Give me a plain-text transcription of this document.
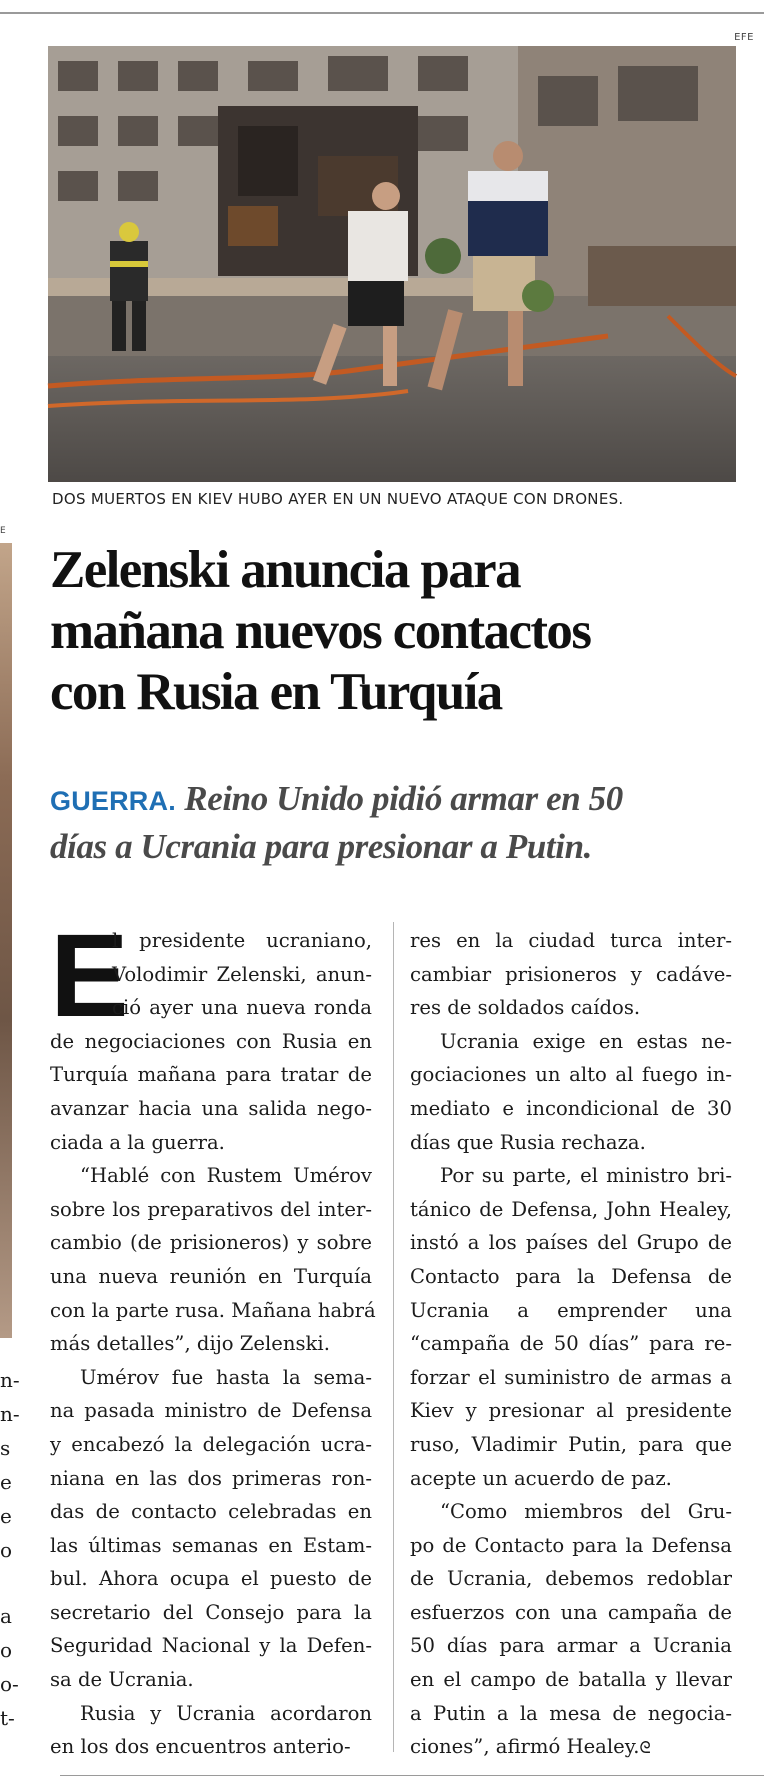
E
n-
n-
s
e
e
o
a
o
o-
t-
EFE
DOS MUERTOS EN KIEV HUBO AYER EN UN NUEVO ATAQUE CON DRONES.
Zelenski anuncia para
mañana nuevos contactos
con Rusia en Turquía

GUERRA. Reino Unido pidió armar en 50
días a Ucrania para presionar a Putin.

E
l presidente ucraniano,
Volodimir Zelenski, anun-
ció ayer una nueva ronda
de negociaciones con Rusia en
Turquía mañana para tratar de
avanzar hacia una salida nego-
ciada a la guerra.
“Hablé con Rustem Umérov
sobre los preparativos del inter-
cambio (de prisioneros) y sobre
una nueva reunión en Turquía
con la parte rusa. Mañana habrá
más detalles”, dijo Zelenski.
Umérov fue hasta la sema-
na pasada ministro de Defensa
y encabezó la delegación ucra-
niana en las dos primeras ron-
das de contacto celebradas en
las últimas semanas en Estam-
bul. Ahora ocupa el puesto de
secretario del Consejo para la
Seguridad Nacional y la Defen-
sa de Ucrania.
Rusia y Ucrania acordaron
en los dos encuentros anterio-
res en la ciudad turca inter-
cambiar prisioneros y cadáve-
res de soldados caídos.
Ucrania exige en estas ne-
gociaciones un alto al fuego in-
mediato e incondicional de 30
días que Rusia rechaza.
Por su parte, el ministro bri-
tánico de Defensa, John Healey,
instó a los países del Grupo de
Contacto para la Defensa de
Ucrania a emprender una
“campaña de 50 días” para re-
forzar el suministro de armas a
Kiev y presionar al presidente
ruso, Vladimir Putin, para que
acepte un acuerdo de paz.
“Como miembros del Gru-
po de Contacto para la Defensa
de Ucrania, debemos redoblar
esfuerzos con una campaña de
50 días para armar a Ucrania
en el campo de batalla y llevar
a Putin a la mesa de negocia-
ciones”, afirmó Healey.ᘓ
